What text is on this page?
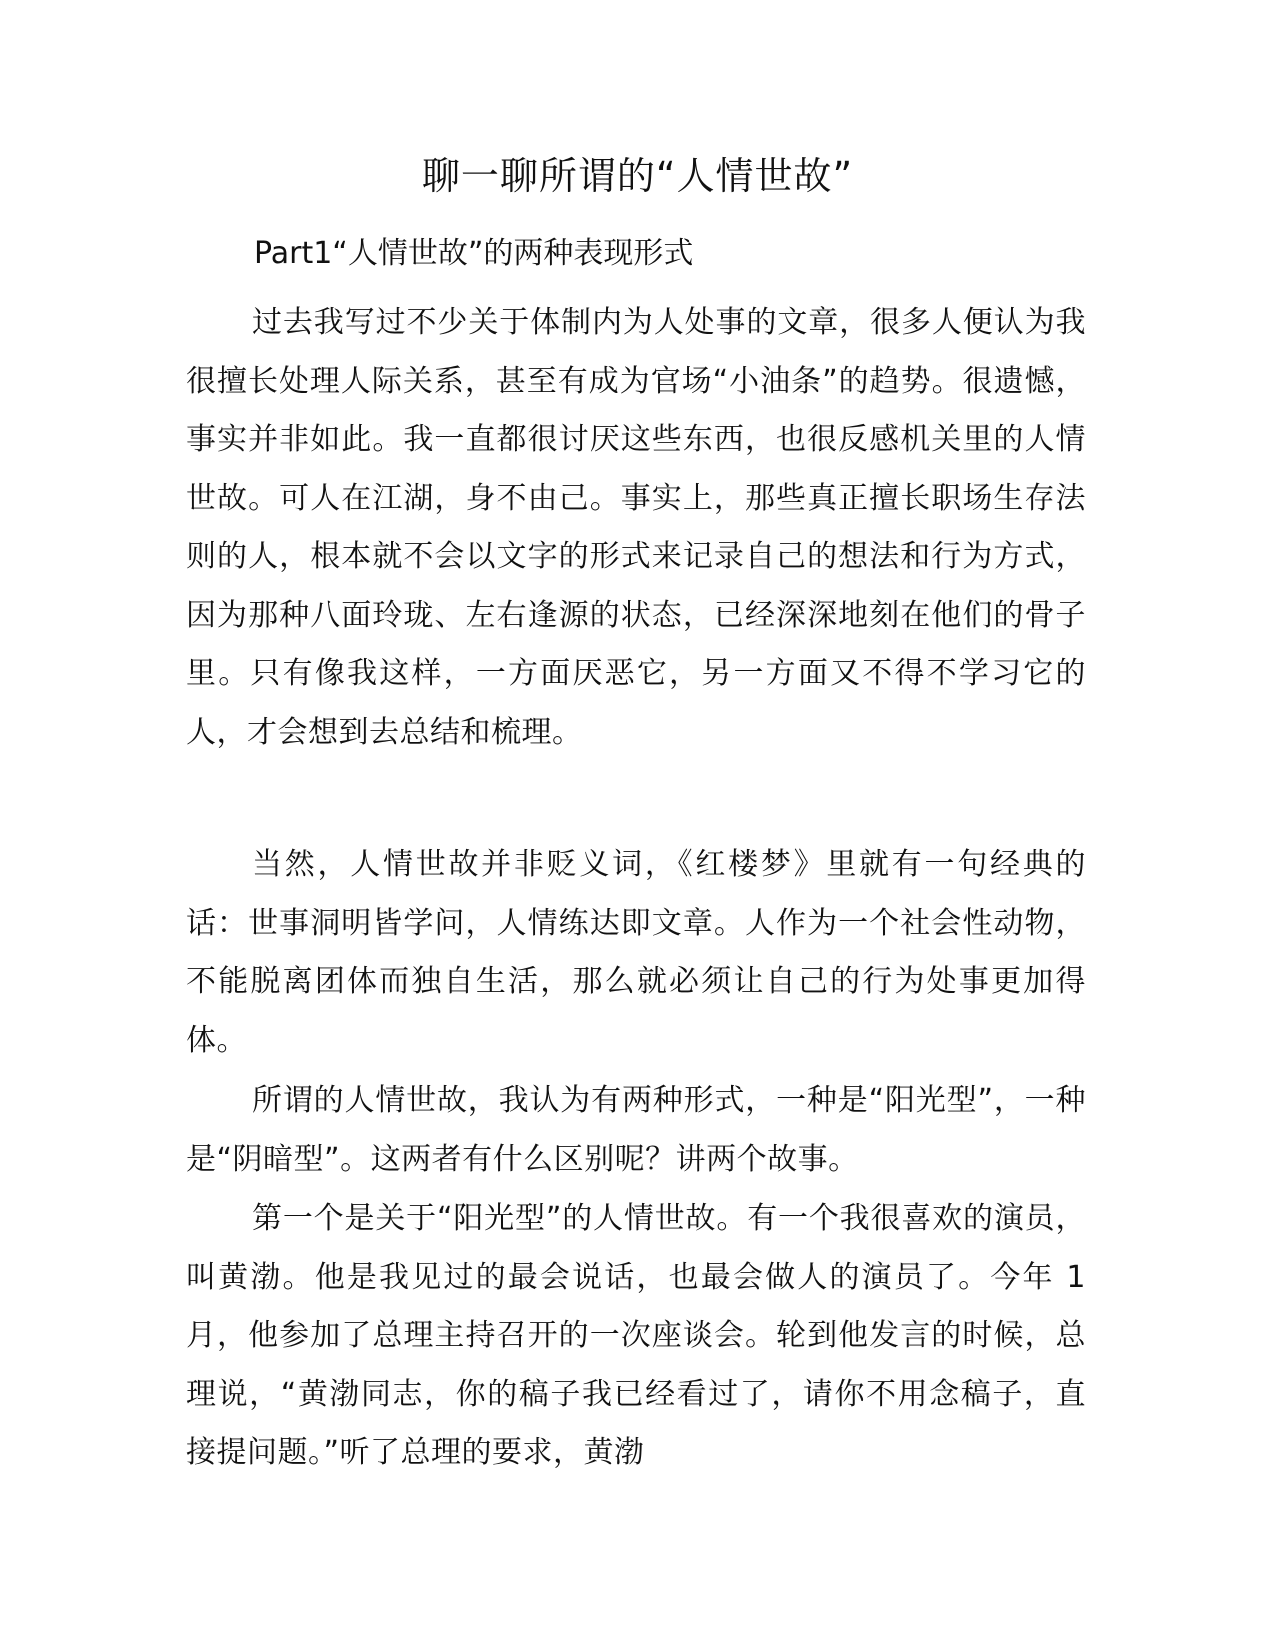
聊一聊所谓的“人情世故”
Part1“人情世故”的两种表现形式

过去我写过不少关于体制内为人处事的文章，很多人便认为我很擅长处理人际关系，甚至有成为官场“小油条”的趋势。很遗憾，事实并非如此。我一直都很讨厌这些东西，也很反感机关里的人情世故。可人在江湖，身不由己。事实上，那些真正擅长职场生存法则的人，根本就不会以文字的形式来记录自己的想法和行为方式，因为那种八面玲珑、左右逢源的状态，已经深深地刻在他们的骨子里。只有像我这样，一方面厌恶它，另一方面又不得不学习它的人，才会想到去总结和梳理。

当然，人情世故并非贬义词，《红楼梦》里就有一句经典的话：世事洞明皆学问，人情练达即文章。人作为一个社会性动物，不能脱离团体而独自生活，那么就必须让自己的行为处事更加得体。

所谓的人情世故，我认为有两种形式，一种是“阳光型”，一种是“阴暗型”。这两者有什么区别呢？讲两个故事。

第一个是关于“阳光型”的人情世故。有一个我很喜欢的演员，叫黄渤。他是我见过的最会说话，也最会做人的演员了。今年 1 月，他参加了总理主持召开的一次座谈会。轮到他发言的时候，总理说，“黄渤同志，你的稿子我已经看过了，请你不用念稿子，直接提问题。”听了总理的要求，黄渤
